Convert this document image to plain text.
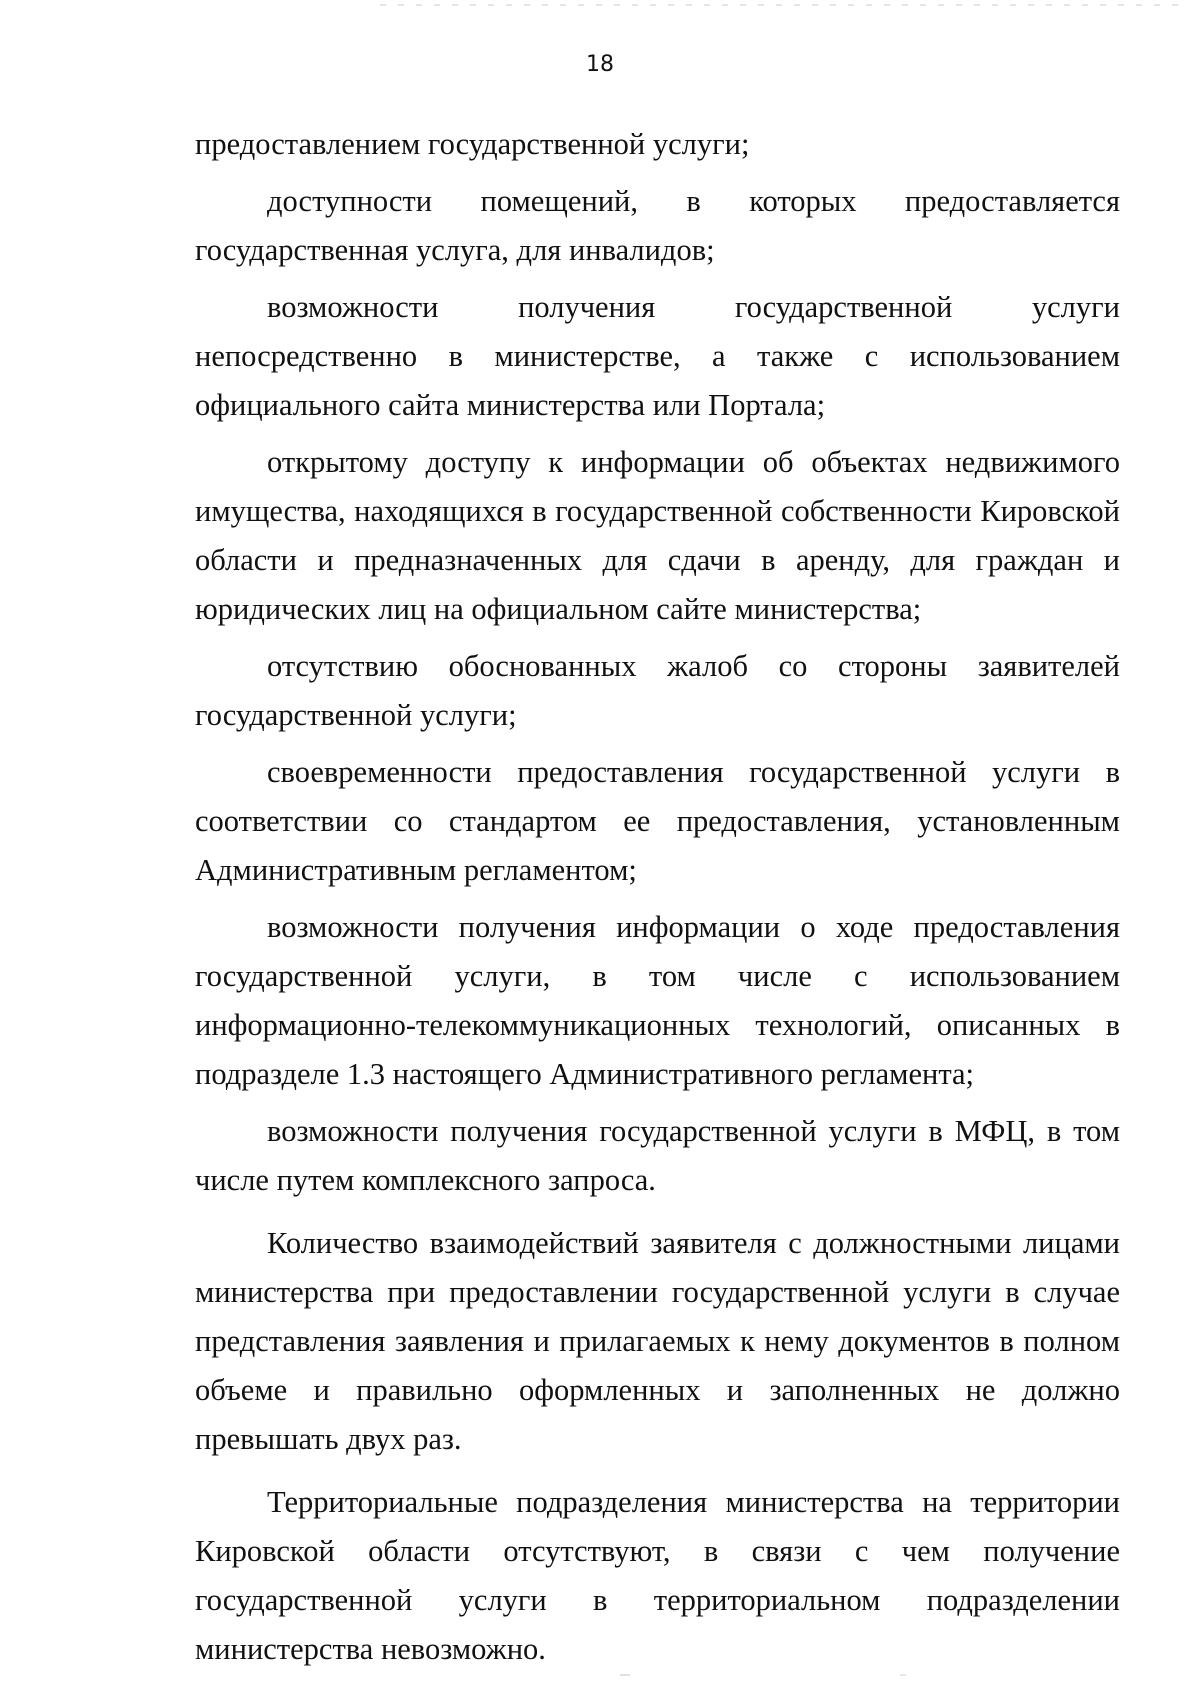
18

предоставлением государственной услуги;

доступности помещений, в которых предоставляется государственная услуга, для инвалидов;

возможности получения государственной услуги непосредственно в министерстве, а также с использованием официального сайта министерства или Портала;

открытому доступу к информации об объектах недвижимого имущества, находящихся в государственной собственности Кировской области и предназначенных для сдачи в аренду, для граждан и юридических лиц на официальном сайте министерства;

отсутствию обоснованных жалоб со стороны заявителей государственной услуги;

своевременности предоставления государственной услуги в соответствии со стандартом ее предоставления, установленным Административным регламентом;

возможности получения информации о ходе предоставления государственной услуги, в том числе с использованием информационно-телекоммуникационных технологий, описанных в подразделе 1.3 настоящего Административного регламента;

возможности получения государственной услуги в МФЦ, в том числе путем комплексного запроса.

Количество взаимодействий заявителя с должностными лицами министерства при предоставлении государственной услуги в случае представления заявления и прилагаемых к нему документов в полном объеме и правильно оформленных и заполненных не должно превышать двух раз.

Территориальные подразделения министерства на территории Кировской области отсутствуют, в связи с чем получение государственной услуги в территориальном подразделении министерства невозможно.
